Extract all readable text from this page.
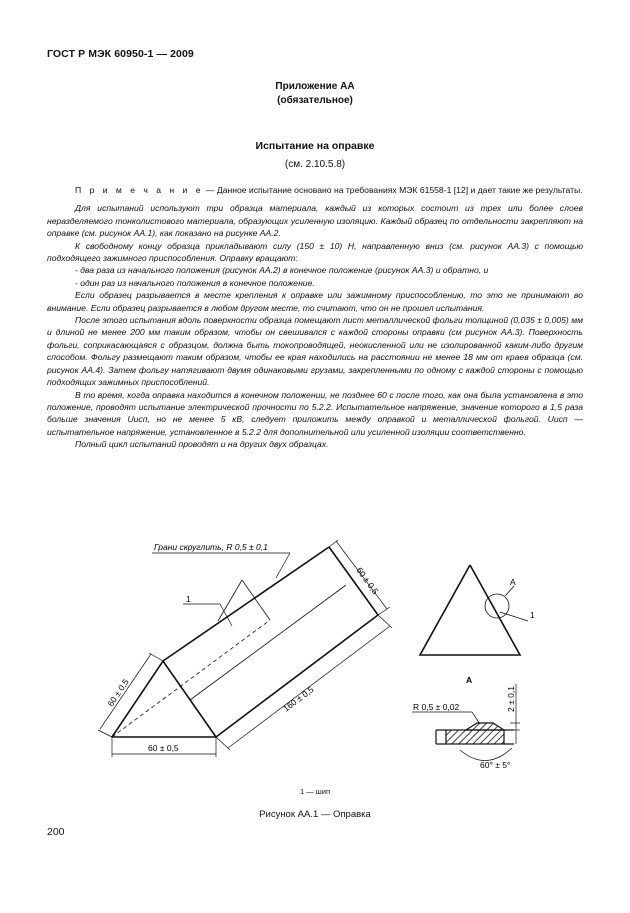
ГОСТ Р МЭК 60950-1 — 2009
Приложение АА
(обязательное)
Испытание на оправке
(см. 2.10.5.8)

П р и м е ч а н и е — Данное испытание основано на требованиях МЭК 61558-1 [12] и дает такие же результаты.

Для испытаний используют три образца материала, каждый из которых состоит из трех или более слоев неразделяемого тонколистового материала, образующих усиленную изоляцию. Каждый образец по отдельности закрепляют на оправке (см. рисунок АА.1), как показано на рисунке АА.2.

К свободному концу образца прикладывают силу (150 ± 10) Н, направленную вниз (см. рисунок АА.3) с помощью подходящего зажимного приспособления. Оправку вращают:

- два раза из начального положения (рисунок АА.2) в конечное положение (рисунок АА.3) и обратно, и

- один раз из начального положения в конечное положение.

Если образец разрывается в месте крепления к оправке или зажимному приспособлению, то это не принимают во внимание. Если образец разрывается в любом другом месте, то считают, что он не прошел испытания.

После этого испытания вдоль поверхности образца помещают лист металлической фольги толщиной (0,035 ± 0,005) мм и длиной не менее 200 мм таким образом, чтобы он свешивался с каждой стороны оправки (см рисунок АА.3). Поверхность фольги, соприкасающаяся с образцом, должна быть токопроводящей, неокисленной или не изолированной каким-либо другим способом. Фольгу размещают таким образом, чтобы ее края находились на расстоянии не менее 18 мм от краев образца (см. рисунок АА.4). Затем фольгу натягивают двумя одинаковыми грузами, закрепленными по одному с каждой стороны с помощью подходящих зажимных приспособлений.

В то время, когда оправка находится в конечном положении, не позднее 60 с после того, как она была установлена в это положение, проводят испытание электрической прочности по 5.2.2. Испытательное напряжение, значение которого в 1,5 раза больше значения Uисп, но не менее 5 кВ, следует приложить между оправкой и металлической фольгой. Uисп — испытательное напряжение, установленное в 5.2.2 для дополнительной или усиленной изоляции соответственно.

Полный цикл испытаний проводят и на других двух образцах.

Грани скруглить, R 0,5 ± 0,1
1
60 ± 0,5
60 ± 0,5
60 ± 0,5
160 ± 0,5
А
1
А
R 0,5 ± 0,02	2 ± 0,1
60° ± 5°
1 — шип
Рисунок АА.1 — Оправка
200
